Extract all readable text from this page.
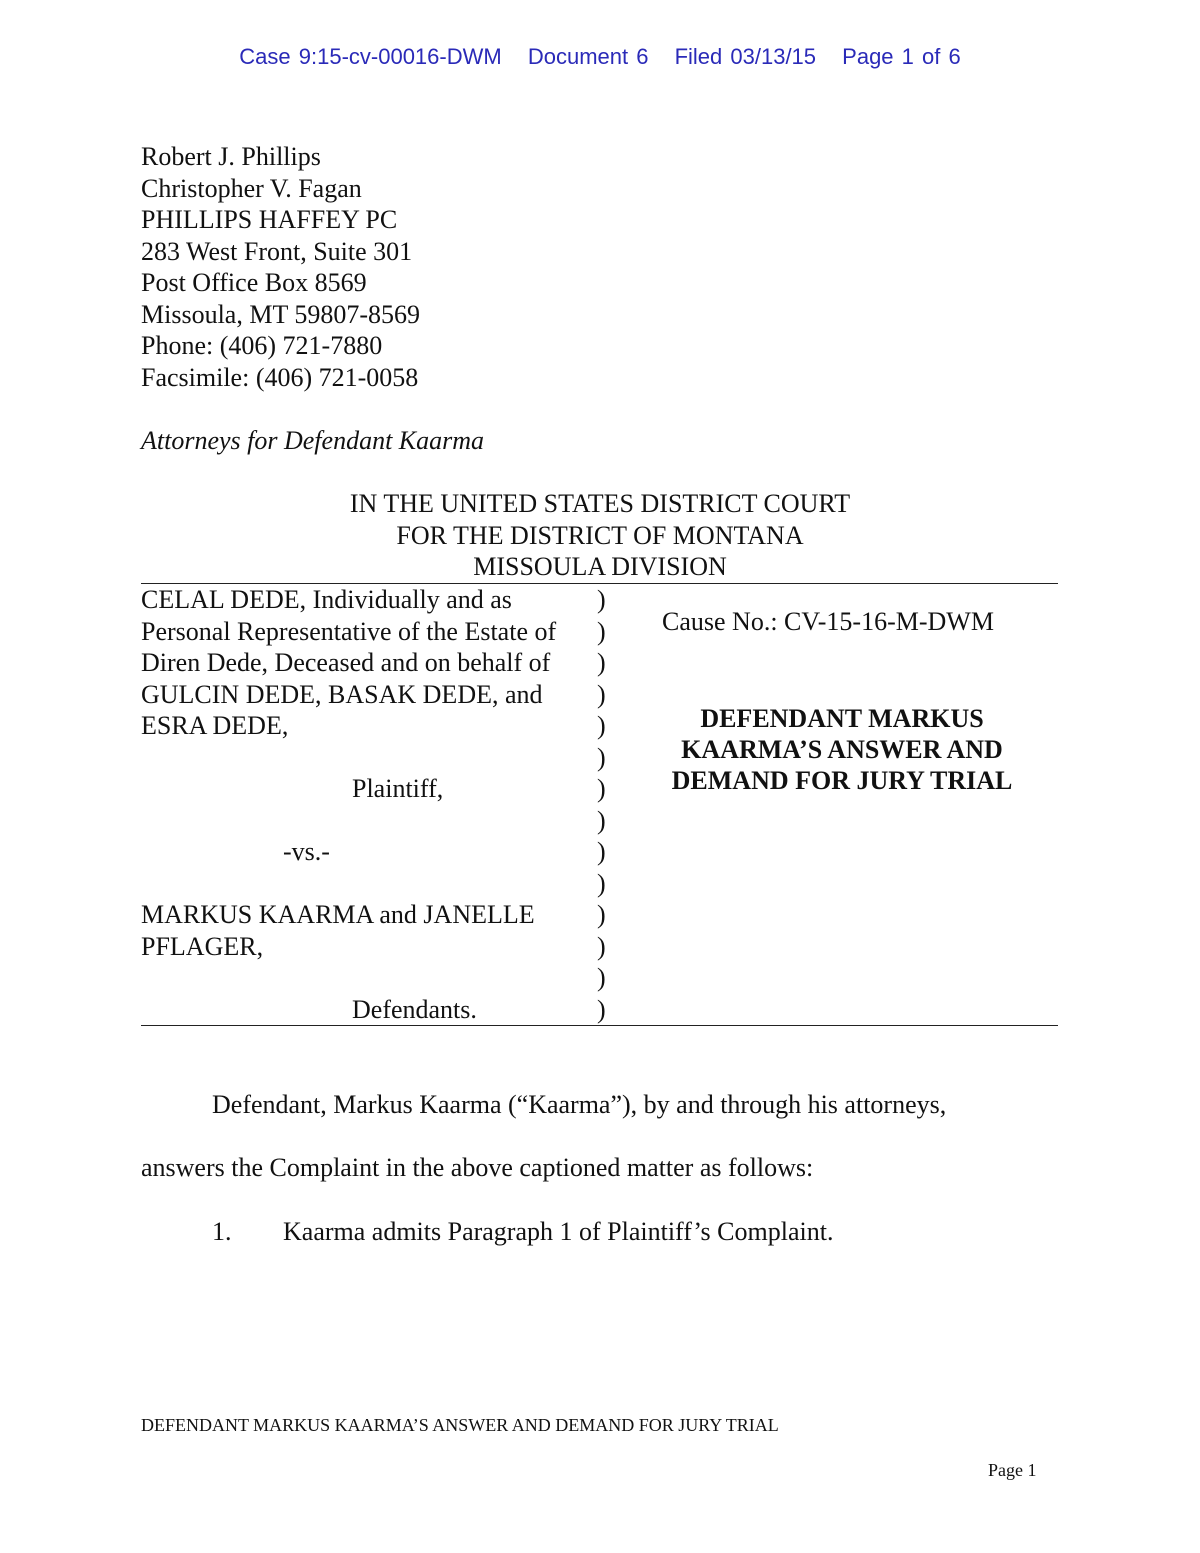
Case 9:15-cv-00016-DWM Document 6 Filed 03/13/15 Page 1 of 6
Robert J. Phillips
Christopher V. Fagan
PHILLIPS HAFFEY PC
283 West Front, Suite 301
Post Office Box 8569
Missoula, MT 59807-8569
Phone: (406) 721-7880
Facsimile: (406) 721-0058
Attorneys for Defendant Kaarma
IN THE UNITED STATES DISTRICT COURT
FOR THE DISTRICT OF MONTANA
MISSOULA DIVISION
CELAL DEDE, Individually and as
Personal Representative of the Estate of
Diren Dede, Deceased and on behalf of
GULCIN DEDE, BASAK DEDE, and
ESRA DEDE,
Plaintiff,
-vs.-
MARKUS KAARMA and JANELLE
PFLAGER,
Defendants.
)
)
)
)
)
)
)
)
)
)
)
)
)
)
Cause No.: CV-15-16-M-DWM
DEFENDANT MARKUS
KAARMA’S ANSWER AND
DEMAND FOR JURY TRIAL
Defendant, Markus Kaarma (“Kaarma”), by and through his attorneys,
answers the Complaint in the above captioned matter as follows:
1. Kaarma admits Paragraph 1 of Plaintiff’s Complaint.
DEFENDANT MARKUS KAARMA’S ANSWER AND DEMAND FOR JURY TRIAL
Page 1
